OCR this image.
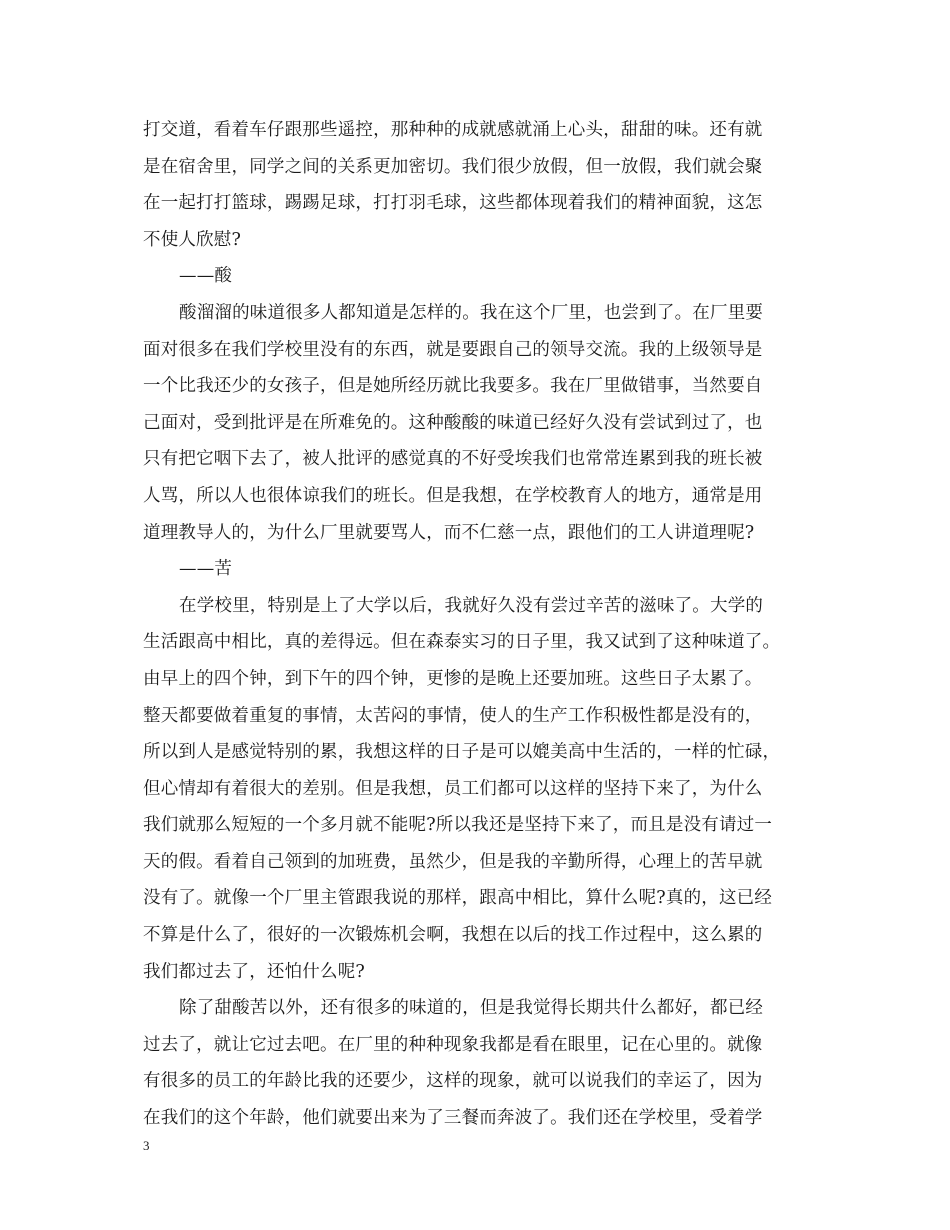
打交道，看着车仔跟那些遥控，那种种的成就感就涌上心头，甜甜的味。还有就
是在宿舍里，同学之间的关系更加密切。我们很少放假，但一放假，我们就会聚
在一起打打篮球，踢踢足球，打打羽毛球，这些都体现着我们的精神面貌，这怎
不使人欣慰?
——酸
酸溜溜的味道很多人都知道是怎样的。我在这个厂里，也尝到了。在厂里要
面对很多在我们学校里没有的东西，就是要跟自己的领导交流。我的上级领导是
一个比我还少的女孩子，但是她所经历就比我要多。我在厂里做错事，当然要自
己面对，受到批评是在所难免的。这种酸酸的味道已经好久没有尝试到过了，也
只有把它咽下去了，被人批评的感觉真的不好受埃我们也常常连累到我的班长被
人骂，所以人也很体谅我们的班长。但是我想，在学校教育人的地方，通常是用
道理教导人的，为什么厂里就要骂人，而不仁慈一点，跟他们的工人讲道理呢?
——苦
在学校里，特别是上了大学以后，我就好久没有尝过辛苦的滋味了。大学的
生活跟高中相比，真的差得远。但在森泰实习的日子里，我又试到了这种味道了。
由早上的四个钟，到下午的四个钟，更惨的是晚上还要加班。这些日子太累了。
整天都要做着重复的事情，太苦闷的事情，使人的生产工作积极性都是没有的，
所以到人是感觉特别的累，我想这样的日子是可以媲美高中生活的，一样的忙碌，
但心情却有着很大的差别。但是我想，员工们都可以这样的坚持下来了，为什么
我们就那么短短的一个多月就不能呢?所以我还是坚持下来了，而且是没有请过一
天的假。看着自己领到的加班费，虽然少，但是我的辛勤所得，心理上的苦早就
没有了。就像一个厂里主管跟我说的那样，跟高中相比，算什么呢?真的，这已经
不算是什么了，很好的一次锻炼机会啊，我想在以后的找工作过程中，这么累的
我们都过去了，还怕什么呢?
除了甜酸苦以外，还有很多的味道的，但是我觉得长期共什么都好，都已经
过去了，就让它过去吧。在厂里的种种现象我都是看在眼里，记在心里的。就像
有很多的员工的年龄比我的还要少，这样的现象，就可以说我们的幸运了，因为
在我们的这个年龄，他们就要出来为了三餐而奔波了。我们还在学校里，受着学
3
